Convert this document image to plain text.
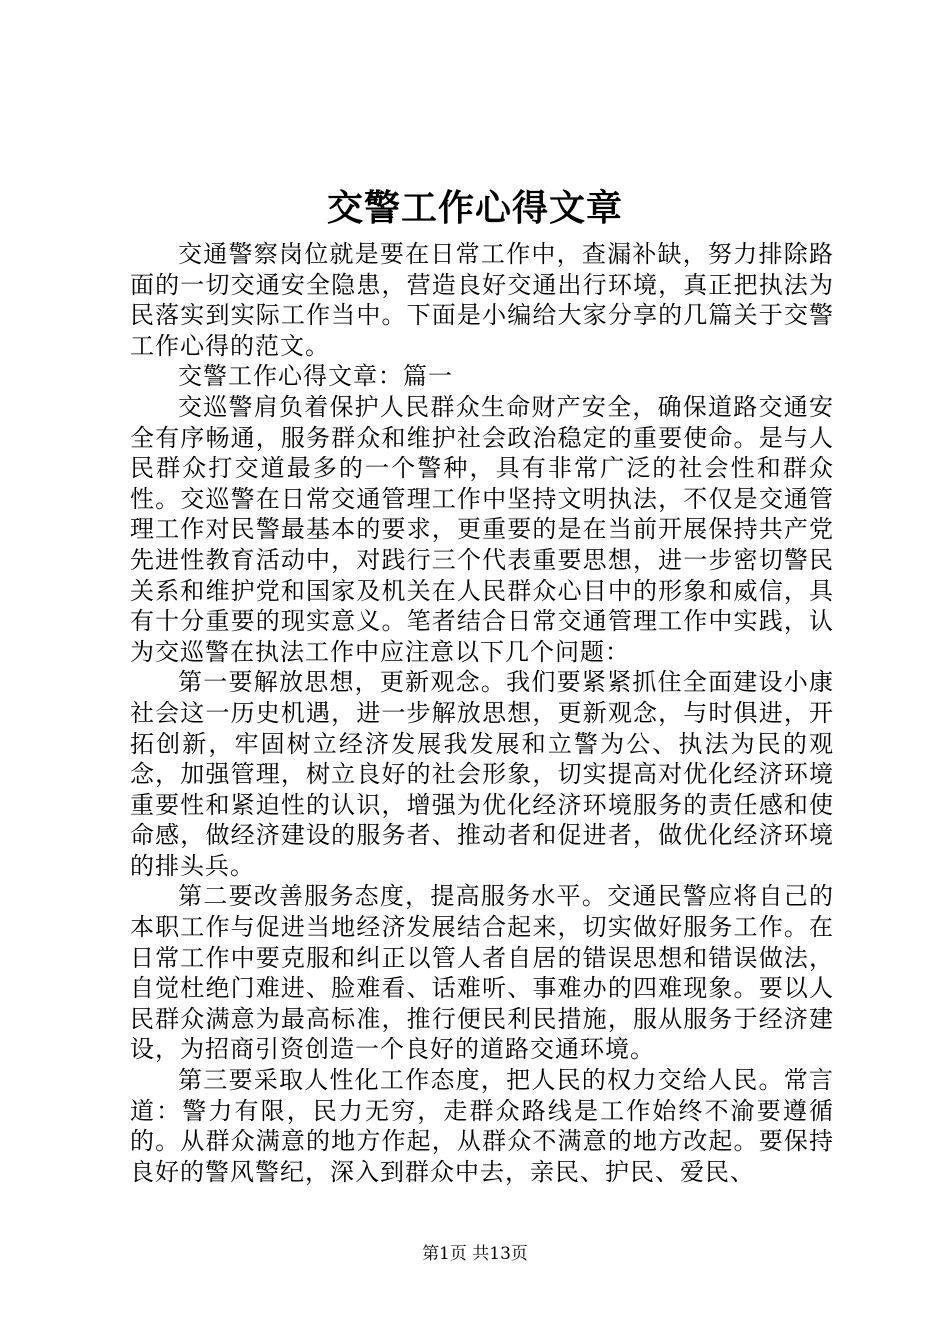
交警工作心得文章

交通警察岗位就是要在日常工作中，查漏补缺，努力排除路面的一切交通安全隐患，营造良好交通出行环境，真正把执法为民落实到实际工作当中。下面是小编给大家分享的几篇关于交警工作心得的范文。

交警工作心得文章：篇一

交巡警肩负着保护人民群众生命财产安全，确保道路交通安全有序畅通，服务群众和维护社会政治稳定的重要使命。是与人民群众打交道最多的一个警种，具有非常广泛的社会性和群众性。交巡警在日常交通管理工作中坚持文明执法，不仅是交通管理工作对民警最基本的要求，更重要的是在当前开展保持共产党先进性教育活动中，对践行三个代表重要思想，进一步密切警民关系和维护党和国家及机关在人民群众心目中的形象和威信，具有十分重要的现实意义。笔者结合日常交通管理工作中实践，认为交巡警在执法工作中应注意以下几个问题：

第一要解放思想，更新观念。我们要紧紧抓住全面建设小康社会这一历史机遇，进一步解放思想，更新观念，与时俱进，开拓创新，牢固树立经济发展我发展和立警为公、执法为民的观念，加强管理，树立良好的社会形象，切实提高对优化经济环境重要性和紧迫性的认识，增强为优化经济环境服务的责任感和使命感，做经济建设的服务者、推动者和促进者，做优化经济环境的排头兵。

第二要改善服务态度，提高服务水平。交通民警应将自己的本职工作与促进当地经济发展结合起来，切实做好服务工作。在日常工作中要克服和纠正以管人者自居的错误思想和错误做法，自觉杜绝门难进、脸难看、话难听、事难办的四难现象。要以人民群众满意为最高标准，推行便民利民措施，服从服务于经济建设，为招商引资创造一个良好的道路交通环境。

第三要采取人性化工作态度，把人民的权力交给人民。常言道：警力有限，民力无穷，走群众路线是工作始终不渝要遵循的。从群众满意的地方作起，从群众不满意的地方改起。要保持良好的警风警纪，深入到群众中去，亲民、护民、爱民、

第1页 共13页
